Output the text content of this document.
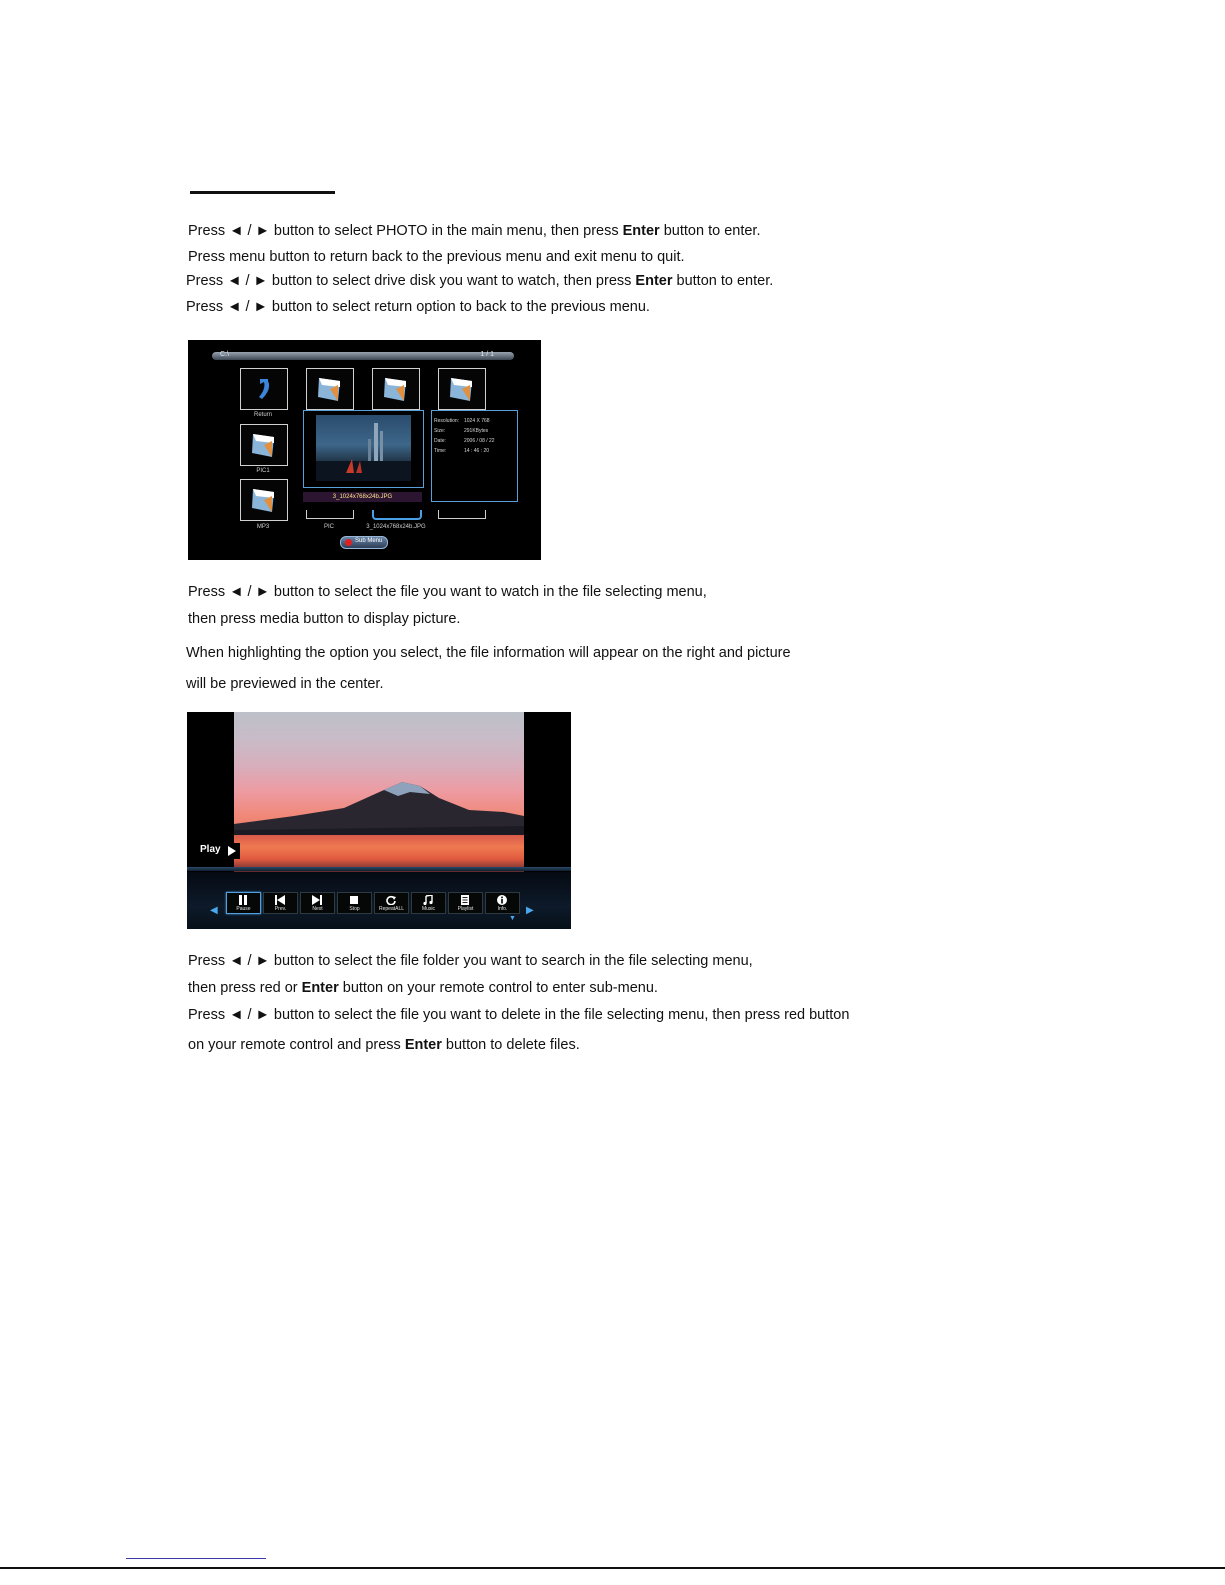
Press ◄ / ► button to select PHOTO in the main menu, then press Enter button to enter.
Press menu button to return back to the previous menu and exit menu to quit.
Press ◄ / ► button to select drive disk you want to watch, then press Enter button to enter.
Press ◄ / ► button to select return option to back to the previous menu.
C:\	1 / 1
Return
PIC1
MP3
3_1024x768x24b.JPG
PIC	3_1024x768x24b.JPG
Resolution: 1024 X 768
Size:	291KBytes
Date:	2006 / 08 / 22
Time:	14 : 46 : 20
Sub Menu
Press ◄ / ► button to select the file you want to watch in the file selecting menu,
then press media button to display picture.
When highlighting the option you select, the file information will appear on the right and picture
will be previewed in the center.
Play
Pause	Prev.	Next	Stop	RepeatALL	Music	Playlist	Info.
◀	▶
▼
Press ◄ / ► button to select the file folder you want to search in the file selecting menu,
then press red or Enter button on your remote control to enter sub-menu.
Press ◄ / ► button to select the file you want to delete in the file selecting menu, then press red button
on your remote control and press Enter button to delete files.
